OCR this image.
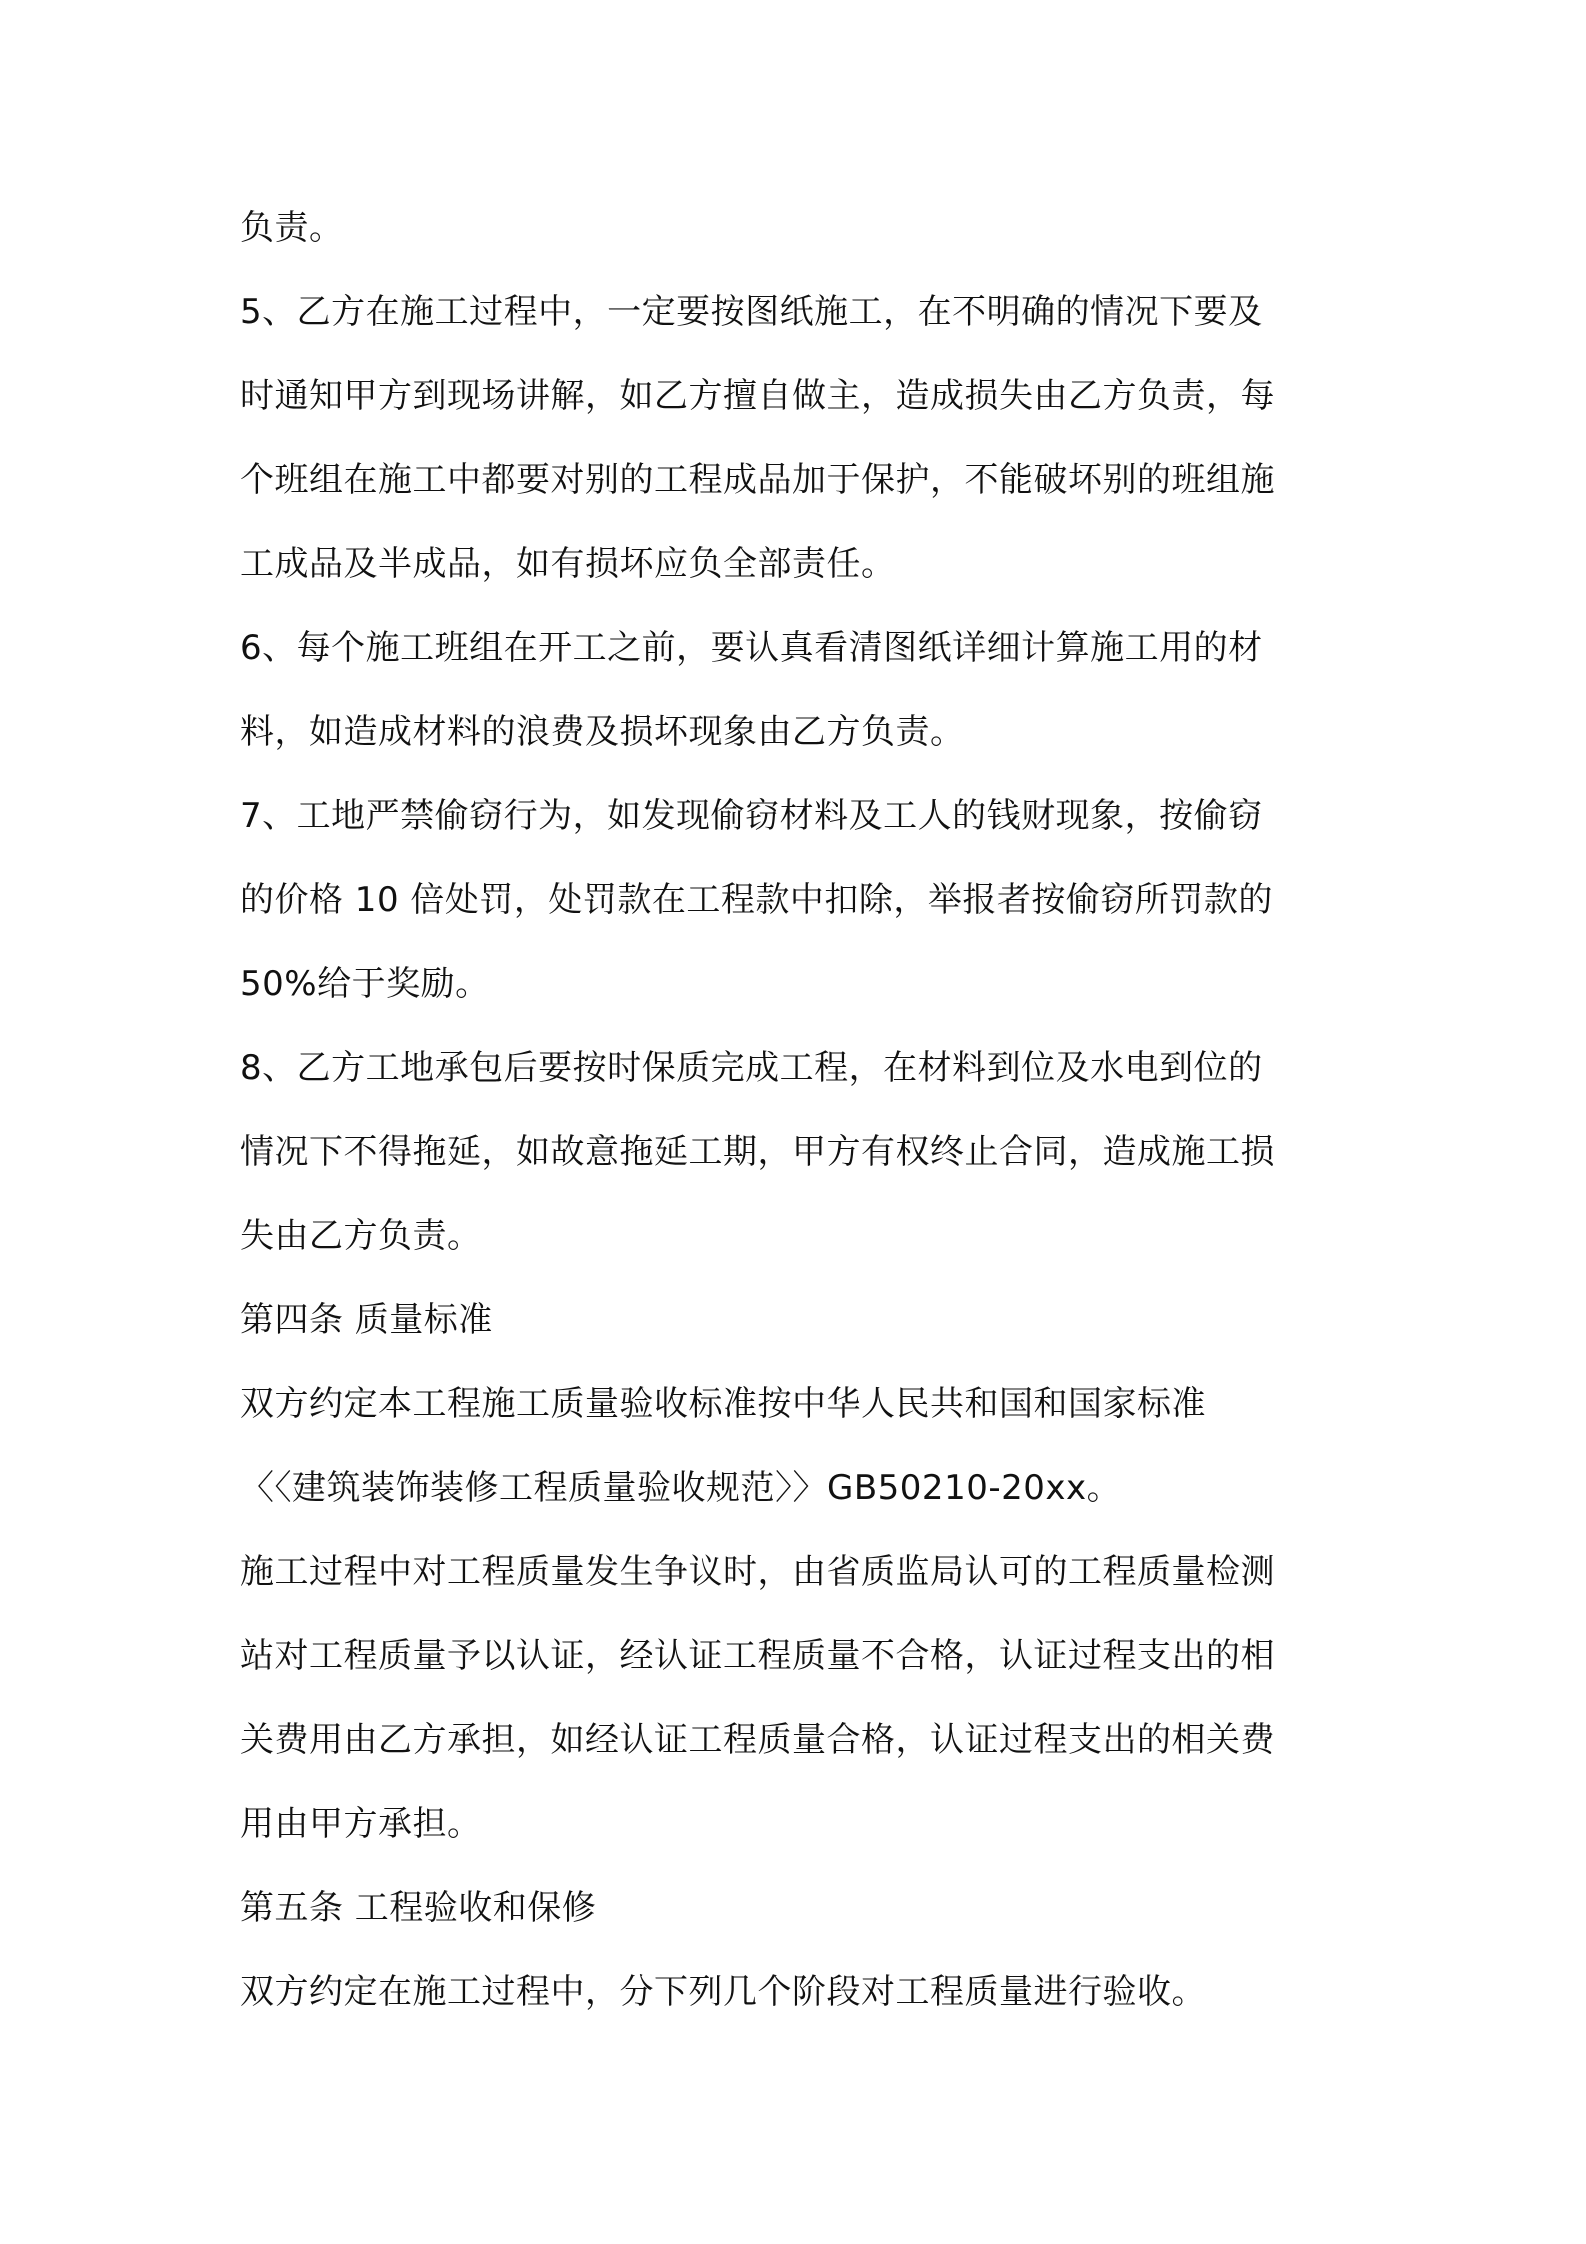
负责。
5、乙方在施工过程中，一定要按图纸施工，在不明确的情况下要及
时通知甲方到现场讲解，如乙方擅自做主，造成损失由乙方负责，每
个班组在施工中都要对别的工程成品加于保护，不能破坏别的班组施
工成品及半成品，如有损坏应负全部责任。
6、每个施工班组在开工之前，要认真看清图纸详细计算施工用的材
料，如造成材料的浪费及损坏现象由乙方负责。
7、工地严禁偷窃行为，如发现偷窃材料及工人的钱财现象，按偷窃
的价格 10 倍处罚，处罚款在工程款中扣除，举报者按偷窃所罚款的
50%给于奖励。
8、乙方工地承包后要按时保质完成工程，在材料到位及水电到位的
情况下不得拖延，如故意拖延工期，甲方有权终止合同，造成施工损
失由乙方负责。
第四条 质量标准
双方约定本工程施工质量验收标准按中华人民共和国和国家标准
〈〈建筑装饰装修工程质量验收规范〉〉GB50210-20xx。
施工过程中对工程质量发生争议时，由省质监局认可的工程质量检测
站对工程质量予以认证，经认证工程质量不合格，认证过程支出的相
关费用由乙方承担，如经认证工程质量合格，认证过程支出的相关费
用由甲方承担。
第五条 工程验收和保修
双方约定在施工过程中，分下列几个阶段对工程质量进行验收。
